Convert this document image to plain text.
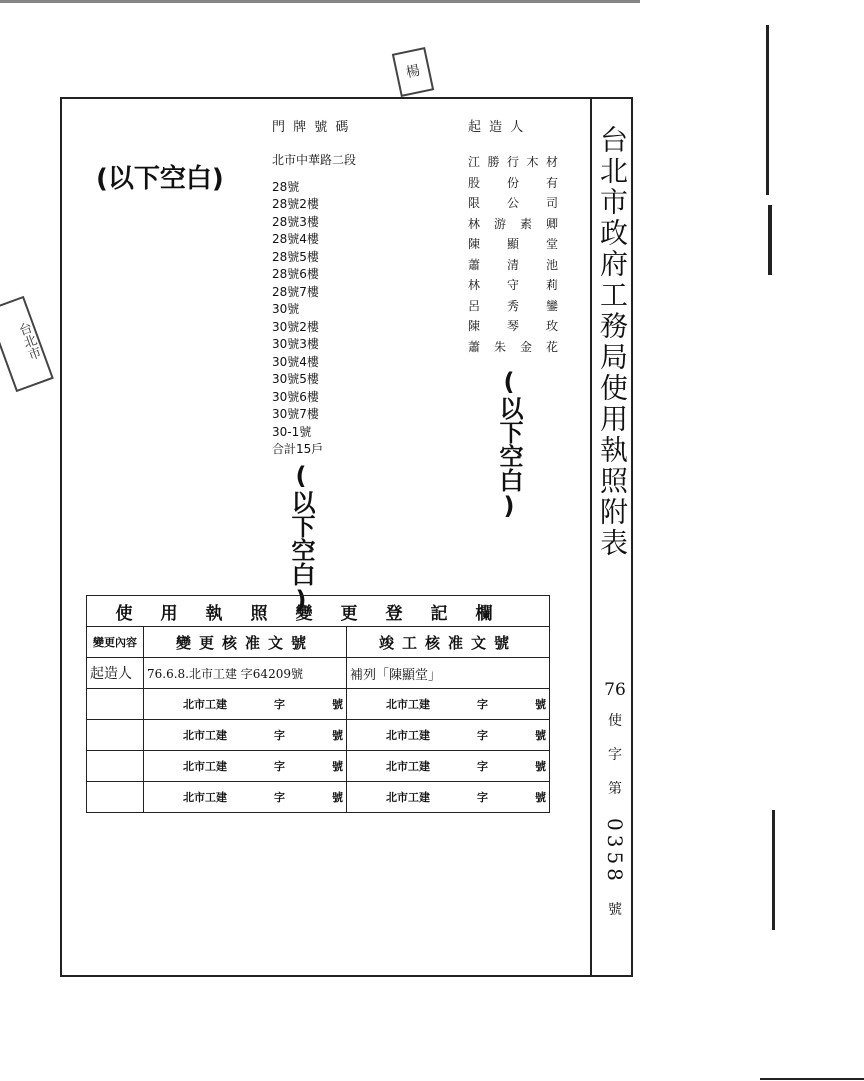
門 牌 號 碼	起 造 人
(以下空白)
北市中華路二段
28號
28號2樓
28號3樓
28號4樓
28號5樓
28號6樓
28號7樓
30號
30號2樓
30號3樓
30號4樓
30號5樓
30號6樓
30號7樓
30-1號
合計15戶
江 勝 行 木 材
股 份 有
限 公 司
林 游 素 卿
陳 顯 堂
蕭 清 池
林 守 莉
呂 秀 鑾
陳 琴 玫
蕭 朱 金 花
(以下空白)
(以下空白)	台北市政府工務局使用執照附表
76
使
字
第
0358
號
使用執照變更登記欄		
變更內容	變更核准文號	竣工核准文號
起造人	76.6.8.北市工建 字64209號	補列「陳顯堂」

	北市工建 字 號	北市工建 字 號

	北市工建 字 號	北市工建 字 號

	北市工建 字 號	北市工建 字 號

	北市工建 字 號	北市工建 字 號
楊
台北市
